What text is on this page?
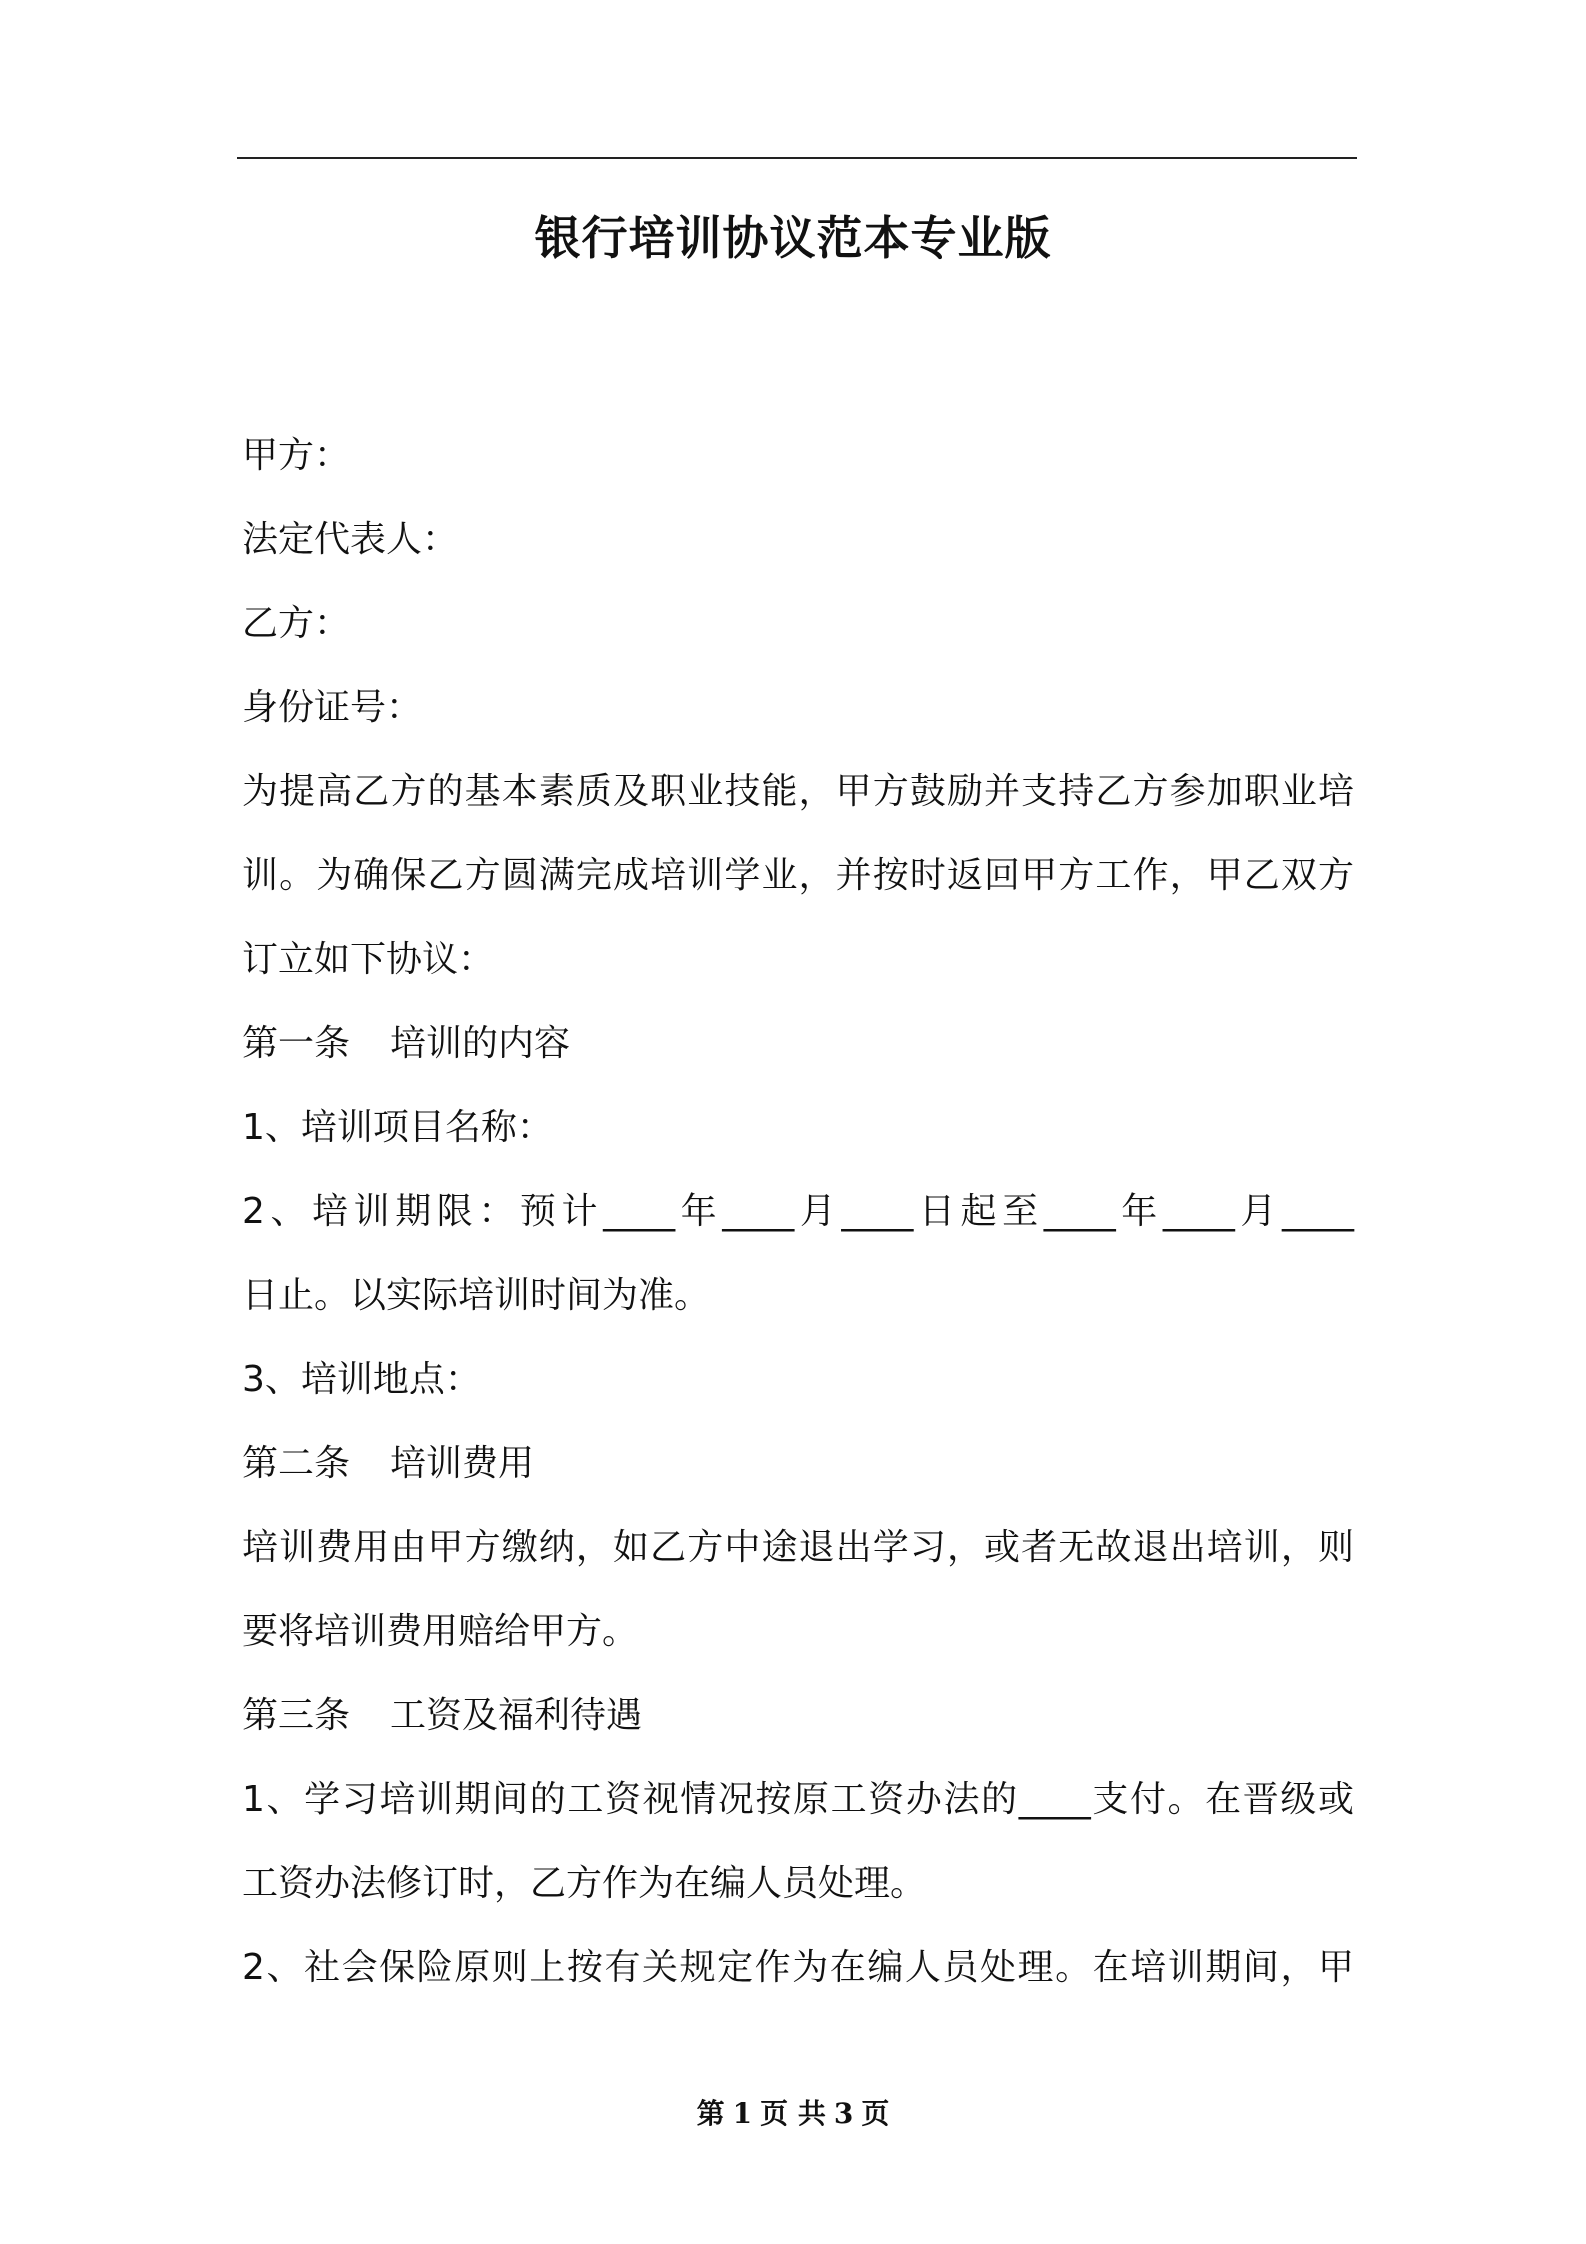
银行培训协议范本专业版
甲方：
法定代表人：
乙方：
身份证号：
为提高乙方的基本素质及职业技能，甲方鼓励并支持乙方参加职业培
训。为确保乙方圆满完成培训学业，并按时返回甲方工作，甲乙双方
订立如下协议：
第一条 培训的内容
1、培训项目名称：
2、培训期限：预计____年____月____日起至____年____月____
日止。以实际培训时间为准。
3、培训地点：
第二条 培训费用
培训费用由甲方缴纳，如乙方中途退出学习，或者无故退出培训，则
要将培训费用赔给甲方。
第三条 工资及福利待遇
1、学习培训期间的工资视情况按原工资办法的____支付。在晋级或
工资办法修订时，乙方作为在编人员处理。
2、社会保险原则上按有关规定作为在编人员处理。在培训期间，甲
第 1 页 共 3 页
